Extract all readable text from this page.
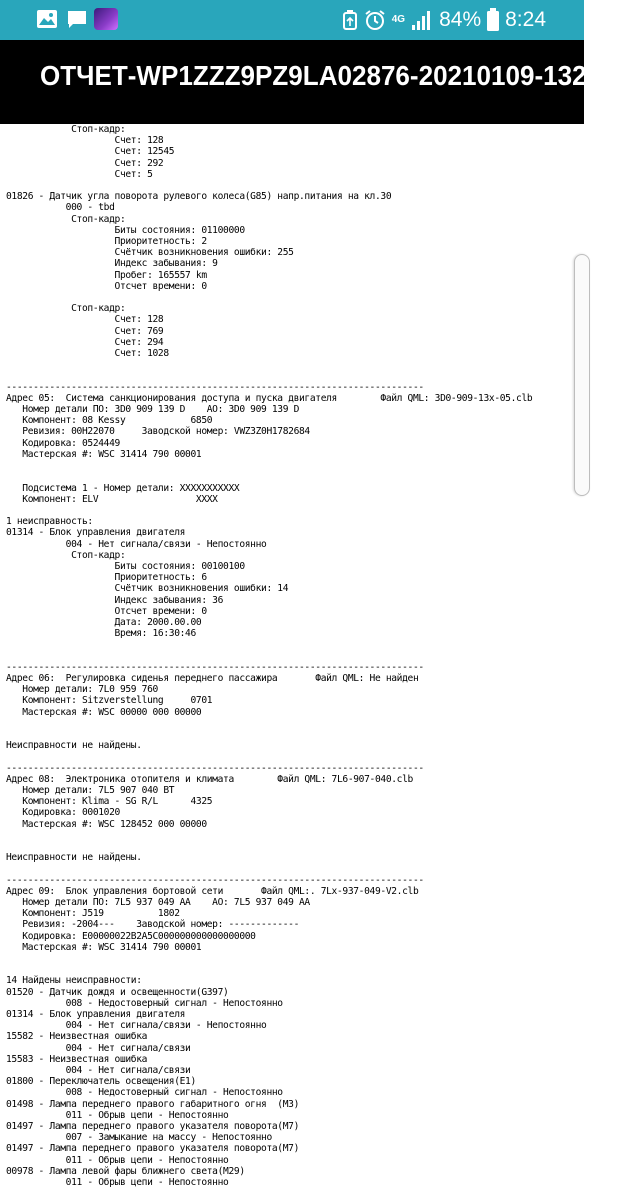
4G 84% 8:24
ОТЧЕТ-WP1ZZZ9PZ9LA02876-20210109-1326...
Стоп-кадр:
Счет: 128
Счет: 12545
Счет: 292
Счет: 5

01826 - Датчик угла поворота рулевого колеса(G85) напр.питания на кл.30
000 - tbd
Стоп-кадр:
Биты состояния: 01100000
Приоритетность: 2
Счётчик возникновения ошибки: 255
Индекс забывания: 9
Пробег: 165557 km
Отсчет времени: 0

Стоп-кадр:
Счет: 128
Счет: 769
Счет: 294
Счет: 1028

-----------------------------------------------------------------------------
Адрес 05:  Система санкционирования доступа и пуска двигателя        Файл QML: 3D0-909-13x-05.clb
Номер детали ПО: 3D0 909 139 D    АО: 3D0 909 139 D
Компонент: 08 Kessy            6850
Ревизия: 00H22070     Заводской номер: VWZ3Z0H1782684
Кодировка: 0524449
Мастерская #: WSC 31414 790 00001

Подсистема 1 - Номер детали: XXXXXXXXXXX
Компонент: ELV                  XXXX

1 неисправность:
01314 - Блок управления двигателя
004 - Нет сигнала/связи - Непостоянно
Стоп-кадр:
Биты состояния: 00100100
Приоритетность: 6
Счётчик возникновения ошибки: 14
Индекс забывания: 36
Отсчет времени: 0
Дата: 2000.00.00
Время: 16:30:46

-----------------------------------------------------------------------------
Адрес 06:  Регулировка сиденья переднего пассажира       Файл QML: Не найден
Номер детали: 7L0 959 760
Компонент: Sitzverstellung     0701
Мастерская #: WSC 00000 000 00000

Неисправности не найдены.

-----------------------------------------------------------------------------
Адрес 08:  Электроника отопителя и климата        Файл QML: 7L6-907-040.clb
Номер детали: 7L5 907 040 BT
Компонент: Klima - SG R/L      4325
Кодировка: 0001020
Мастерская #: WSC 128452 000 00000

Неисправности не найдены.

-----------------------------------------------------------------------------
Адрес 09:  Блок управления бортовой сети       Файл QML:. 7Lx-937-049-V2.clb
Номер детали ПО: 7L5 937 049 AA    АО: 7L5 937 049 AA
Компонент: J519          1802
Ревизия: -2004---    Заводской номер: -------------
Кодировка: E00000022B2A5C000000000000000000
Мастерская #: WSC 31414 790 00001

14 Найдены неисправности:
01520 - Датчик дождя и освещенности(G397)
008 - Недостоверный сигнал - Непостоянно
01314 - Блок управления двигателя
004 - Нет сигнала/связи - Непостоянно
15582 - Неизвестная ошибка
004 - Нет сигнала/связи
15583 - Неизвестная ошибка
004 - Нет сигнала/связи
01800 - Переключатель освещения(E1)
008 - Недостоверный сигнал - Непостоянно
01498 - Лампа переднего правого габаритного огня  (M3)
011 - Обрыв цепи - Непостоянно
01497 - Лампа переднего правого указателя поворота(M7)
007 - Замыкание на массу - Непостоянно
01497 - Лампа переднего правого указателя поворота(M7)
011 - Обрыв цепи - Непостоянно
00978 - Лампа левой фары ближнего света(M29)
011 - Обрыв цепи - Непостоянно
